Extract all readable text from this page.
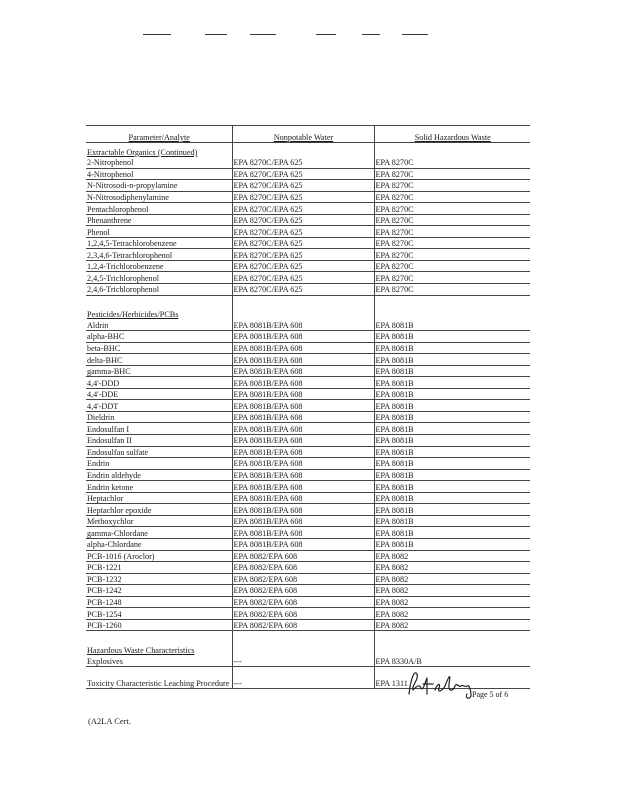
Parameter/Analyte	Nonpotable Water	Solid Hazardous Waste
Extractable Organics (Continued)		
2-Nitrophenol	EPA 8270C/EPA 625	EPA 8270C
4-Nitrophenol	EPA 8270C/EPA 625	EPA 8270C
N-Nitrosodi-n-propylamine	EPA 8270C/EPA 625	EPA 8270C
N-Nitrosodiphenylamine	EPA 8270C/EPA 625	EPA 8270C
Pentachlorophenol	EPA 8270C/EPA 625	EPA 8270C
Phenanthrene	EPA 8270C/EPA 625	EPA 8270C
Phenol	EPA 8270C/EPA 625	EPA 8270C
1,2,4,5-Tetrachlorobenzene	EPA 8270C/EPA 625	EPA 8270C
2,3,4,6-Tetrachlorophenol	EPA 8270C/EPA 625	EPA 8270C
1,2,4-Trichlorobenzene	EPA 8270C/EPA 625	EPA 8270C
2,4,5-Trichlorophenol	EPA 8270C/EPA 625	EPA 8270C
2,4,6-Trichlorophenol	EPA 8270C/EPA 625	EPA 8270C

Pesticides/Herbicides/PCBs		
Aldrin	EPA 8081B/EPA 608	EPA 8081B
alpha-BHC	EPA 8081B/EPA 608	EPA 8081B
beta-BHC	EPA 8081B/EPA 608	EPA 8081B
delta-BHC	EPA 8081B/EPA 608	EPA 8081B
gamma-BHC	EPA 8081B/EPA 608	EPA 8081B
4,4'-DDD	EPA 8081B/EPA 608	EPA 8081B
4,4'-DDE	EPA 8081B/EPA 608	EPA 8081B
4,4'-DDT	EPA 8081B/EPA 608	EPA 8081B
Dieldrin	EPA 8081B/EPA 608	EPA 8081B
Endosulfan I	EPA 8081B/EPA 608	EPA 8081B
Endosulfan II	EPA 8081B/EPA 608	EPA 8081B
Endosulfan sulfate	EPA 8081B/EPA 608	EPA 8081B
Endrin	EPA 8081B/EPA 608	EPA 8081B
Endrin aldehyde	EPA 8081B/EPA 608	EPA 8081B
Endrin ketone	EPA 8081B/EPA 608	EPA 8081B
Heptachlor	EPA 8081B/EPA 608	EPA 8081B
Heptachlor epoxide	EPA 8081B/EPA 608	EPA 8081B
Methoxychlor	EPA 8081B/EPA 608	EPA 8081B
gamma-Chlordane	EPA 8081B/EPA 608	EPA 8081B
alpha-Chlordane	EPA 8081B/EPA 608	EPA 8081B
PCB-1016 (Aroclor)	EPA 8082/EPA 608	EPA 8082
PCB-1221	EPA 8082/EPA 608	EPA 8082
PCB-1232	EPA 8082/EPA 608	EPA 8082
PCB-1242	EPA 8082/EPA 608	EPA 8082
PCB-1248	EPA 8082/EPA 608	EPA 8082
PCB-1254	EPA 8082/EPA 608	EPA 8082
PCB-1260	EPA 8082/EPA 608	EPA 8082

Hazardous Waste Characteristics		
Explosives	---	EPA 8330A/B
Toxicity Characteristic Leaching Procedure	---	EPA 1311
(A2LA Cert.
Page 5 of 6
